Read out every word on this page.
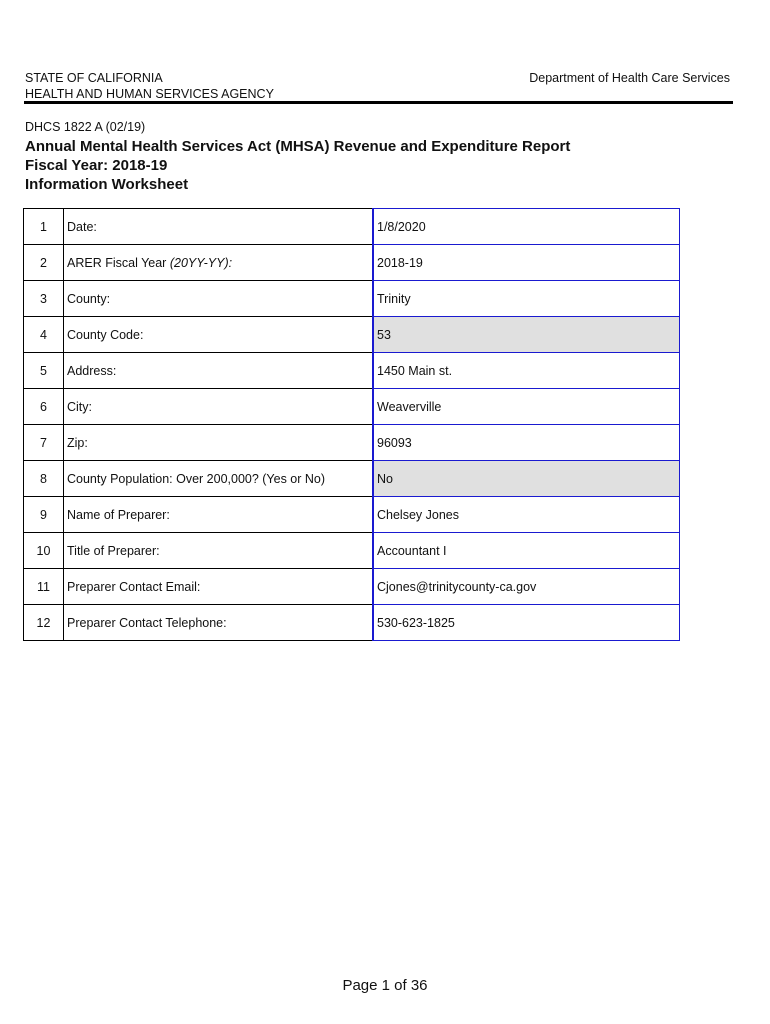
STATE OF CALIFORNIA
HEALTH AND HUMAN SERVICES AGENCY
Department of Health Care Services
DHCS 1822 A (02/19)
Annual Mental Health Services Act (MHSA) Revenue and Expenditure Report
Fiscal Year: 2018-19
Information Worksheet
1	Date:	1/8/2020
2	ARER Fiscal Year (20YY-YY):	2018-19
3	County:	Trinity
4	County Code:	53
5	Address:	1450 Main st.
6	City:	Weaverville
7	Zip:	96093
8	County Population: Over 200,000? (Yes or No)	No
9	Name of Preparer:	Chelsey Jones
10	Title of Preparer:	Accountant I
11	Preparer Contact Email:	Cjones@trinitycounty-ca.gov
12	Preparer Contact Telephone:	530-623-1825
Page 1 of 36
